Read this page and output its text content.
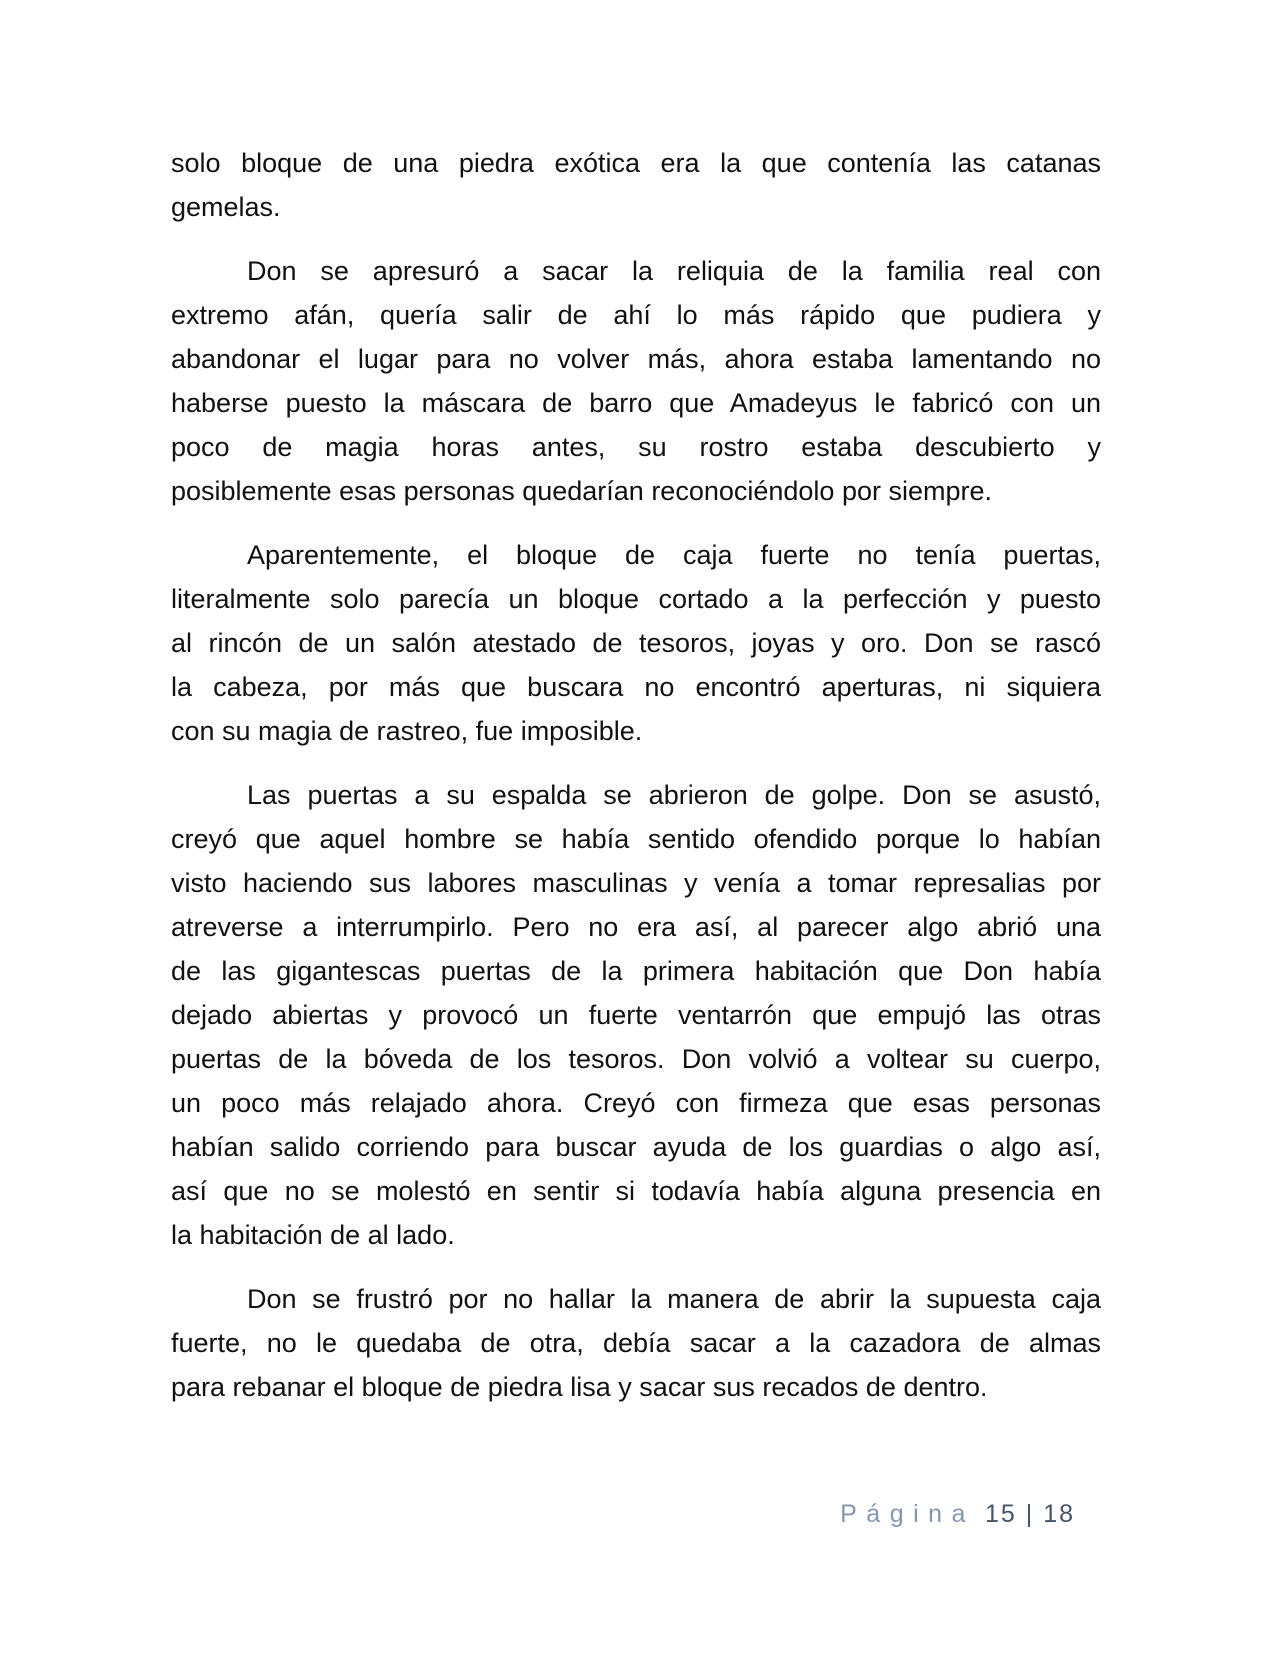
solo bloque de una piedra exótica era la que contenía las catanas
gemelas.
Don se apresuró a sacar la reliquia de la familia real con
extremo afán, quería salir de ahí lo más rápido que pudiera y
abandonar el lugar para no volver más, ahora estaba lamentando no
haberse puesto la máscara de barro que Amadeyus le fabricó con un
poco de magia horas antes, su rostro estaba descubierto y
posiblemente esas personas quedarían reconociéndolo por siempre.
Aparentemente, el bloque de caja fuerte no tenía puertas,
literalmente solo parecía un bloque cortado a la perfección y puesto
al rincón de un salón atestado de tesoros, joyas y oro. Don se rascó
la cabeza, por más que buscara no encontró aperturas, ni siquiera
con su magia de rastreo, fue imposible.
Las puertas a su espalda se abrieron de golpe. Don se asustó,
creyó que aquel hombre se había sentido ofendido porque lo habían
visto haciendo sus labores masculinas y venía a tomar represalias por
atreverse a interrumpirlo. Pero no era así, al parecer algo abrió una
de las gigantescas puertas de la primera habitación que Don había
dejado abiertas y provocó un fuerte ventarrón que empujó las otras
puertas de la bóveda de los tesoros. Don volvió a voltear su cuerpo,
un poco más relajado ahora. Creyó con firmeza que esas personas
habían salido corriendo para buscar ayuda de los guardias o algo así,
así que no se molestó en sentir si todavía había alguna presencia en
la habitación de al lado.
Don se frustró por no hallar la manera de abrir la supuesta caja
fuerte, no le quedaba de otra, debía sacar a la cazadora de almas
para rebanar el bloque de piedra lisa y sacar sus recados de dentro.
Página 15 | 18
